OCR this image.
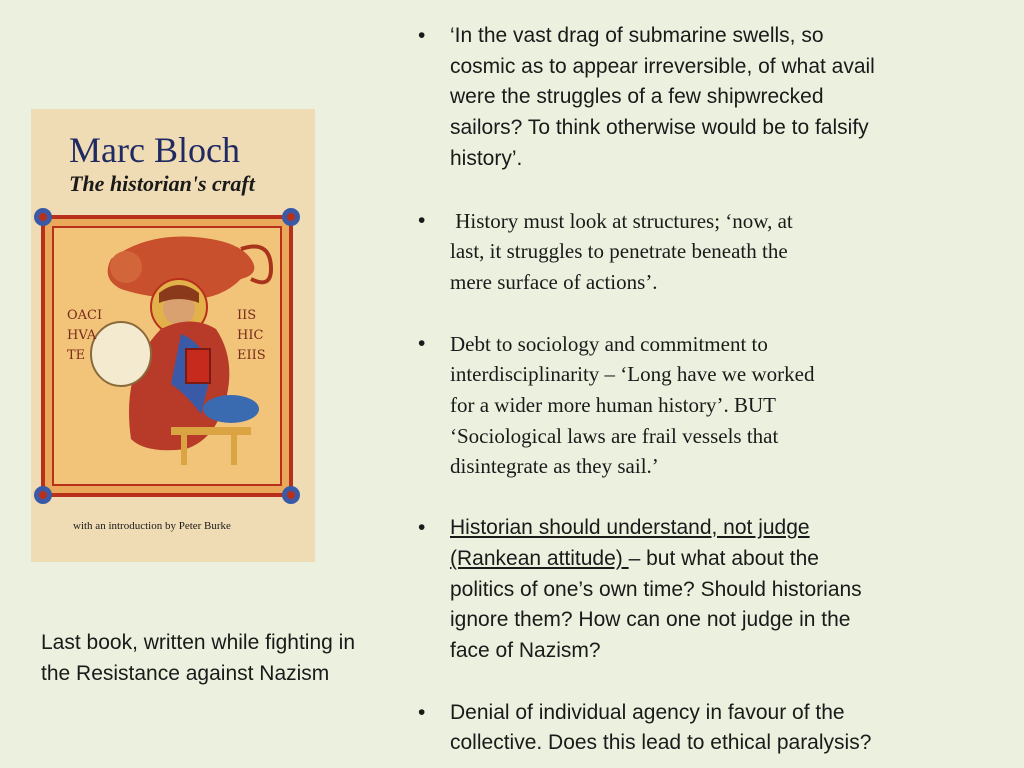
OACI
HVA
TE
IIS
HIC
EIIS
Marc Bloch
The historian's craft
with an introduction by Peter Burke
Last book, written while fighting in
the Resistance against Nazism
• ‘In the vast drag of submarine swells, so
cosmic as to appear irreversible, of what avail
were the struggles of a few shipwrecked
sailors? To think otherwise would be to falsify
history’.
• History must look at structures; ‘now, at
last, it struggles to penetrate beneath the
mere surface of actions’.
• Debt to sociology and commitment to
interdisciplinarity – ‘Long have we worked
for a wider more human history’. BUT
‘Sociological laws are frail vessels that
disintegrate as they sail.’
• Historian should understand, not judge
(Rankean attitude) – but what about the
politics of one’s own time? Should historians
ignore them? How can one not judge in the
face of Nazism?
• Denial of individual agency in favour of the
collective. Does this lead to ethical paralysis?
